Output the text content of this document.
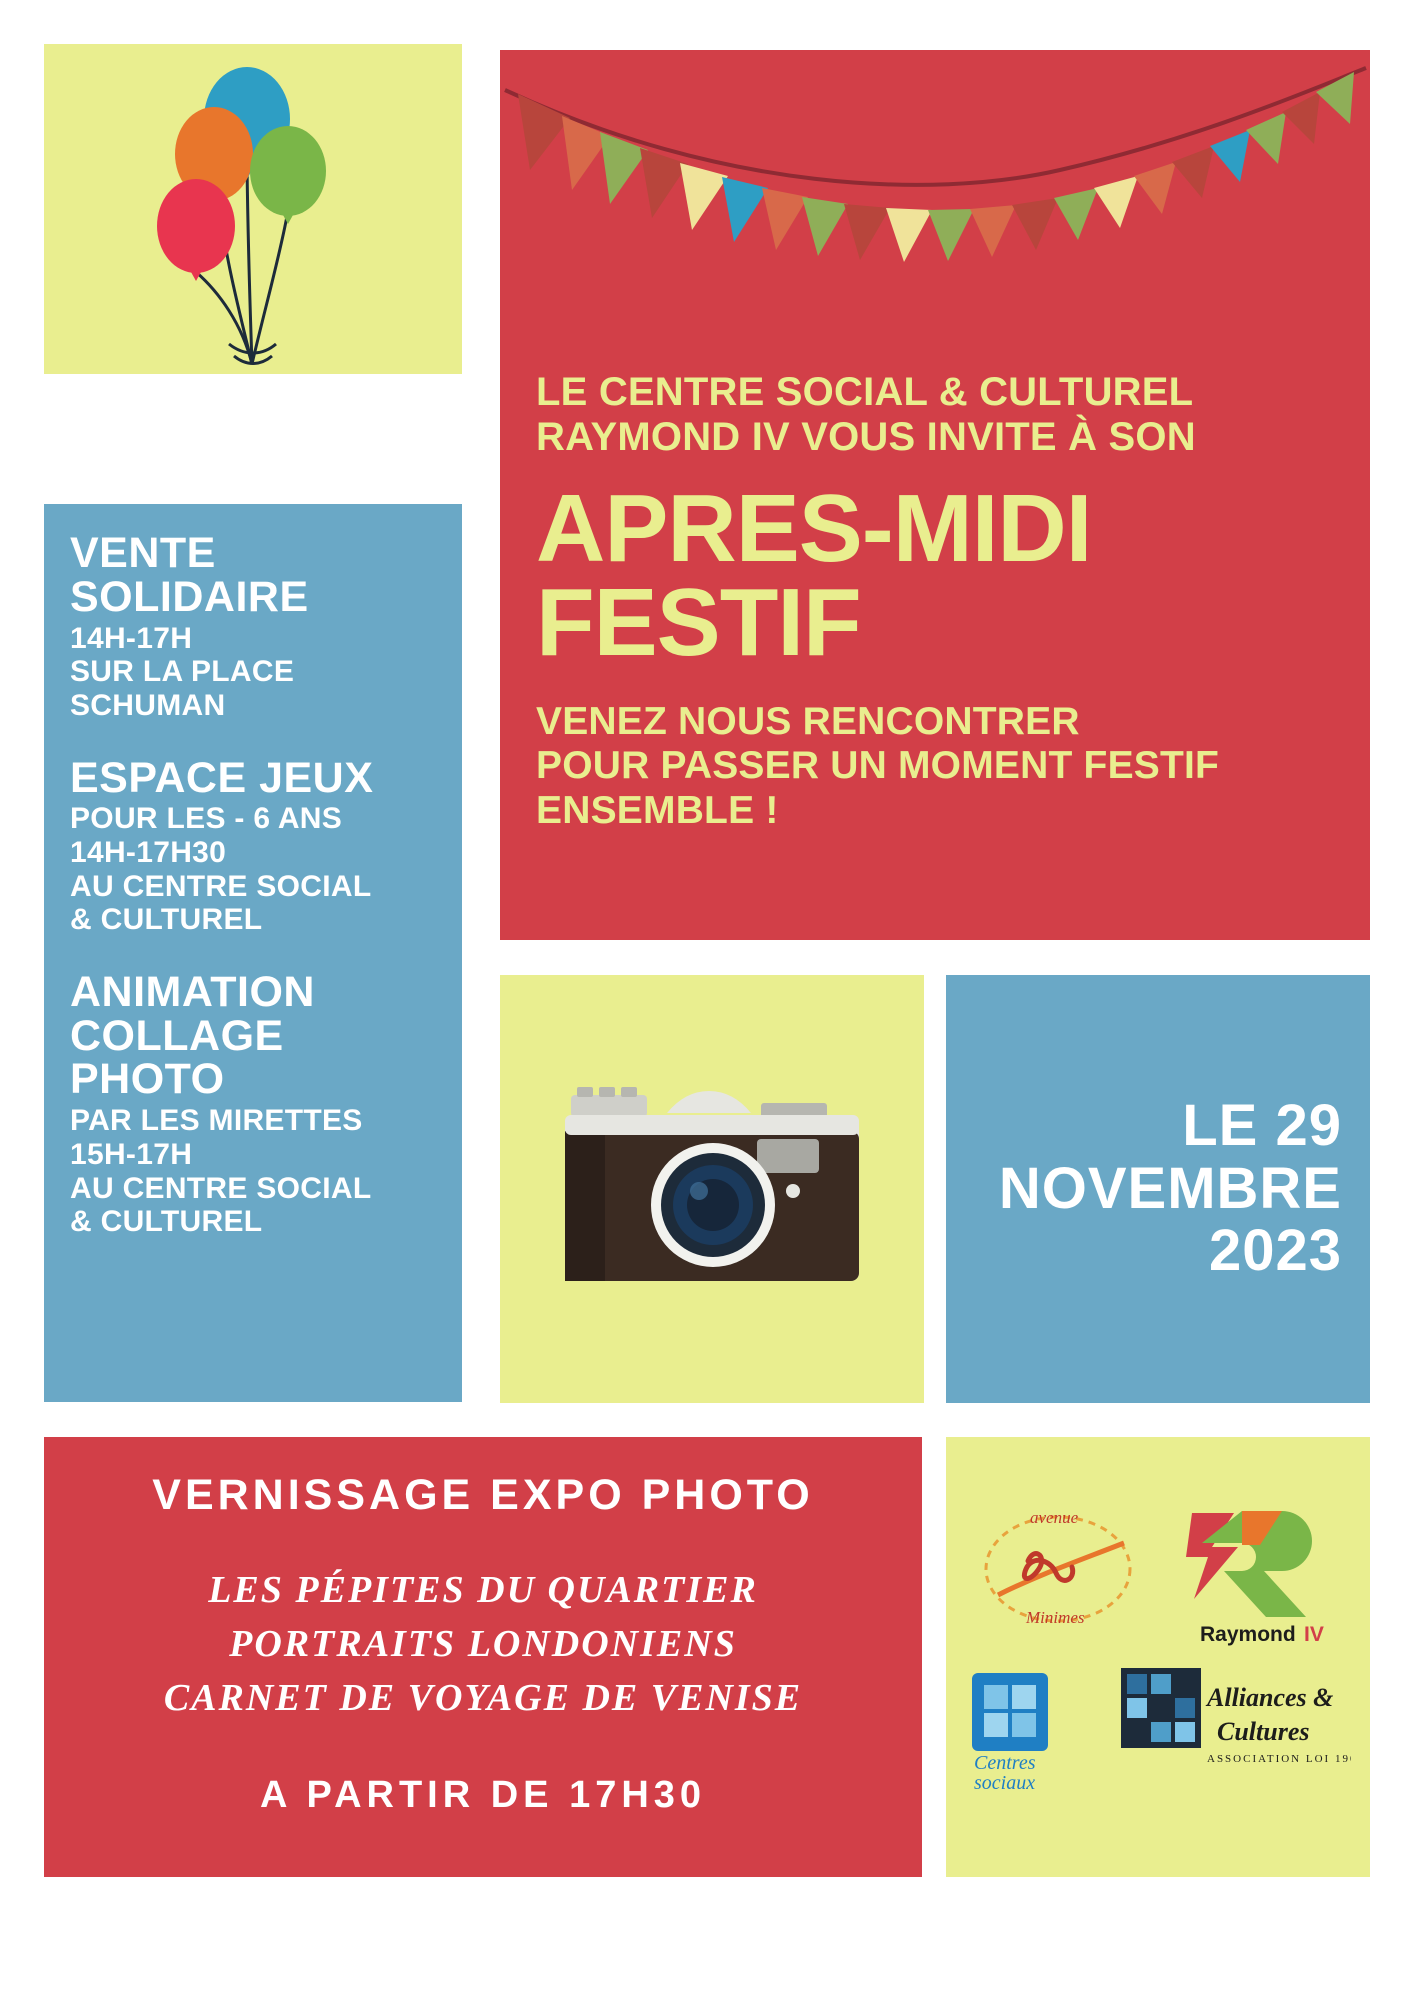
VENTE SOLIDAIRE

14H-17H

SUR LA PLACE

SCHUMAN

ESPACE JEUX

POUR LES - 6 ANS

14H-17H30

AU CENTRE SOCIAL

& CULTUREL

ANIMATION COLLAGE PHOTO

PAR LES MIRETTES

15H-17H

AU CENTRE SOCIAL

& CULTUREL

LE CENTRE SOCIAL & CULTUREL RAYMOND IV VOUS INVITE À SON

APRES-MIDI
FESTIF

VENEZ NOUS RENCONTRER
POUR PASSER UN MOMENT FESTIF
ENSEMBLE !

LE 29
NOVEMBRE
2023

VERNISSAGE EXPO PHOTO

LES PÉPITES DU QUARTIER
PORTRAITS LONDONIENS
CARNET DE VOYAGE DE VENISE

A PARTIR DE 17H30

avenue
Minimes
Raymond IV
Centres
sociaux
Alliances &
Cultures
ASSOCIATION LOI 1901
